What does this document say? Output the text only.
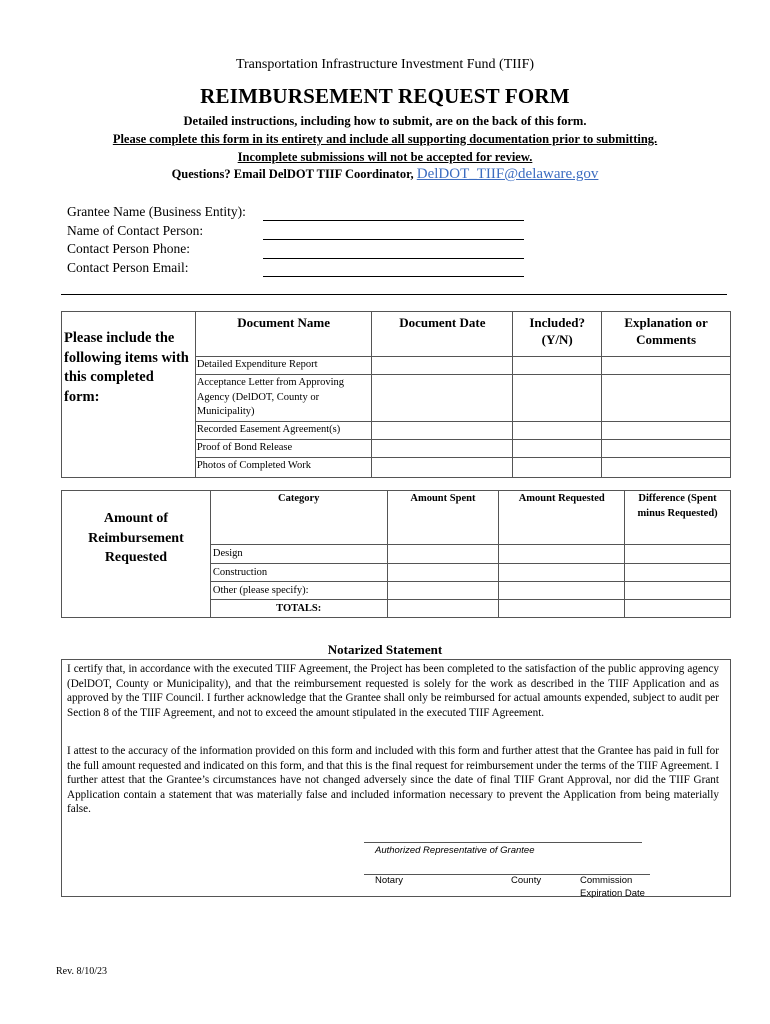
Transportation Infrastructure Investment Fund (TIIF)
REIMBURSEMENT REQUEST FORM
Detailed instructions, including how to submit, are on the back of this form.
Please complete this form in its entirety and include all supporting documentation prior to submitting.
Incomplete submissions will not be accepted for review.
Questions? Email DelDOT TIIF Coordinator, DelDOT_TIIF@delaware.gov
Grantee Name (Business Entity):
Name of Contact Person:
Contact Person Phone:
Contact Person Email:
Please include the following items with this completed form:	Document Name	Document Date	Included? (Y/N)	Explanation or Comments
	Detailed Expenditure Report			
	Acceptance Letter from Approving Agency (DelDOT, County or Municipality)			
	Recorded Easement Agreement(s)			
	Proof of Bond Release			
	Photos of Completed Work			
Amount of Reimbursement Requested	Category	Amount Spent	Amount Requested	Difference (Spent minus Requested)
	Design			
	Construction			
	Other (please specify):			
	TOTALS:			
Notarized Statement
I certify that, in accordance with the executed TIIF Agreement, the Project has been completed to the satisfaction of the public approving agency (DelDOT, County or Municipality), and that the reimbursement requested is solely for the work as described in the TIIF Application and as approved by the TIIF Council. I further acknowledge that the Grantee shall only be reimbursed for actual amounts expended, subject to audit per Section 8 of the TIIF Agreement, and not to exceed the amount stipulated in the executed TIIF Agreement.
I attest to the accuracy of the information provided on this form and included with this form and further attest that the Grantee has paid in full for the full amount requested and indicated on this form, and that this is the final request for reimbursement under the terms of the TIIF Agreement. I further attest that the Grantee’s circumstances have not changed adversely since the date of final TIIF Grant Approval, nor did the TIIF Grant Application contain a statement that was materially false and included information necessary to prevent the Application from being materially false.
Authorized Representative of Grantee
Notary	County	Commission
Expiration Date
Rev. 8/10/23
